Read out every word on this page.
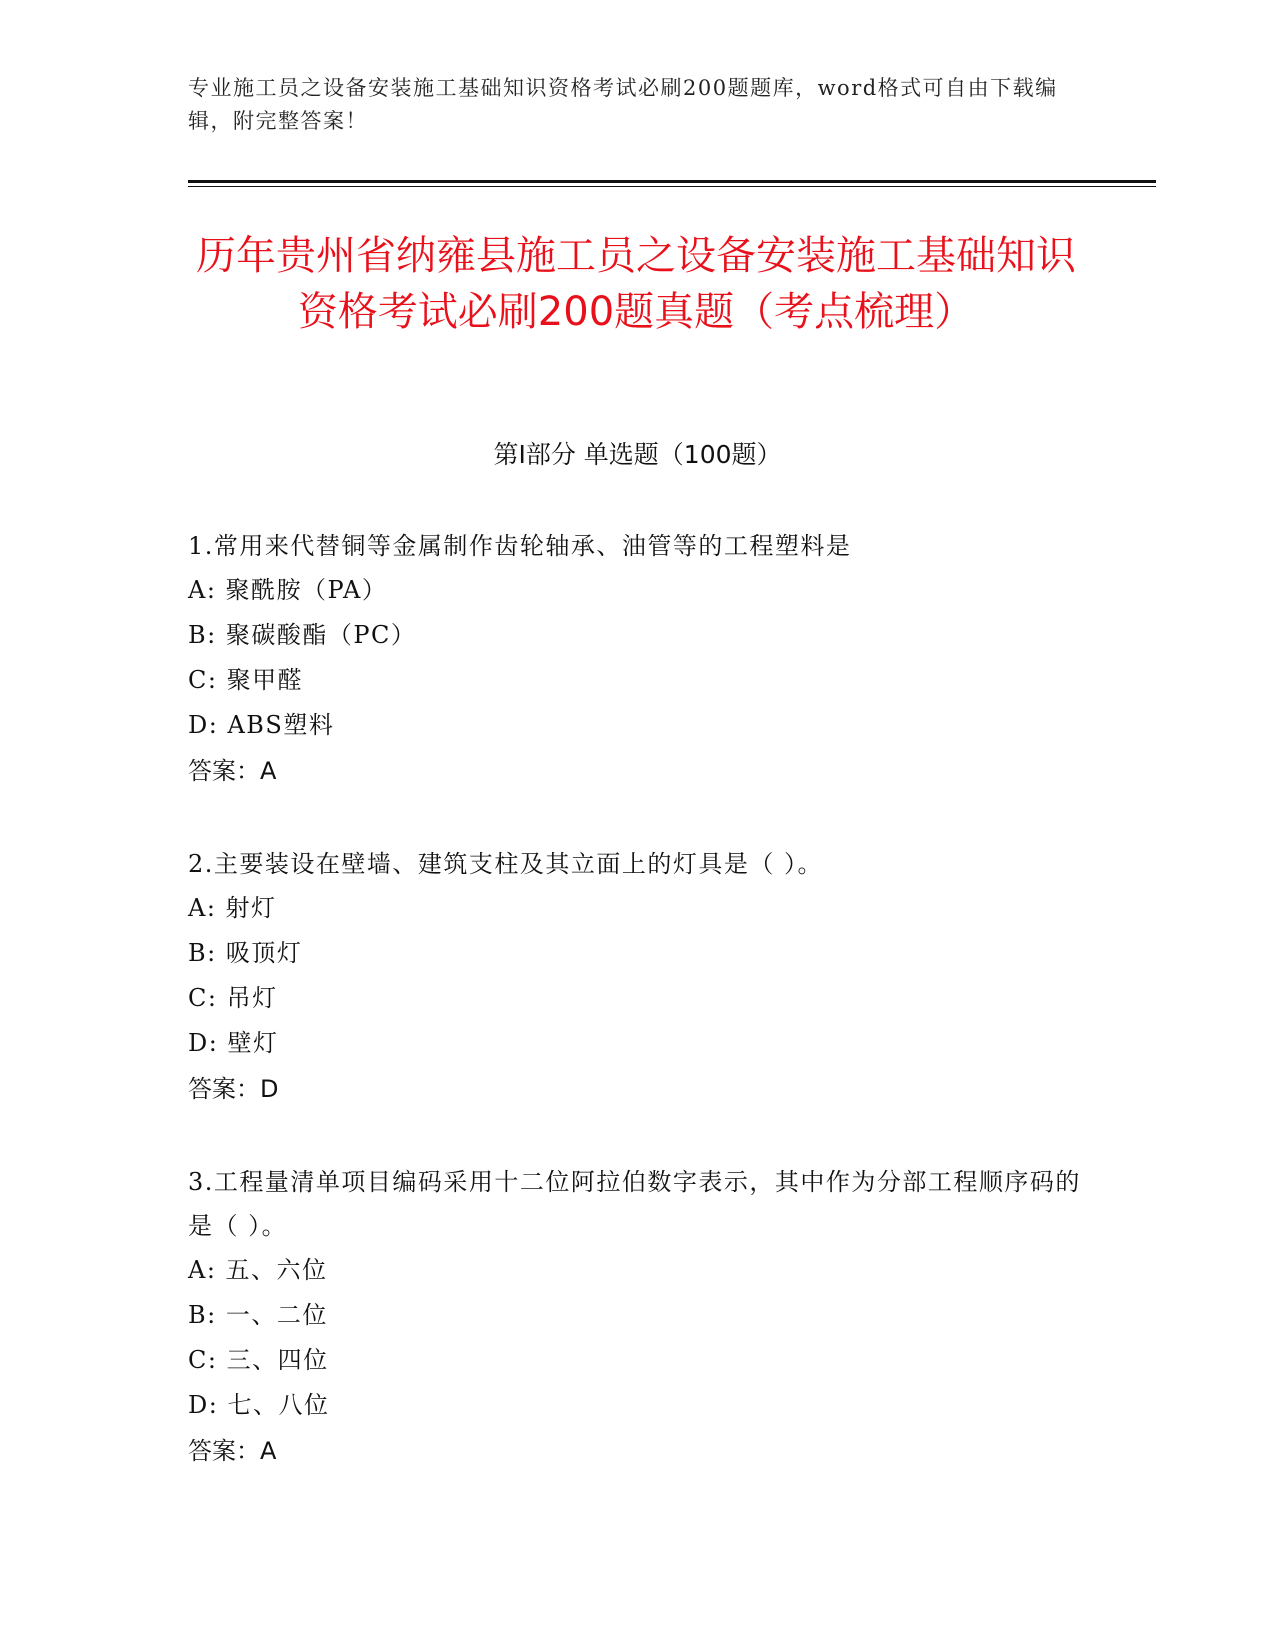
专业施工员之设备安装施工基础知识资格考试必刷200题题库，word格式可自由下载编辑，附完整答案！
历年贵州省纳雍县施工员之设备安装施工基础知识资格考试必刷200题真题（考点梳理）
第Ⅰ部分 单选题（100题）

1.常用来代替铜等金属制作齿轮轴承、油管等的工程塑料是

A: 聚酰胺（PA）

B: 聚碳酸酯（PC）

C: 聚甲醛

D: ABS塑料

答案：A

2.主要装设在壁墙、建筑支柱及其立面上的灯具是（ ）。

A: 射灯

B: 吸顶灯

C: 吊灯

D: 壁灯

答案：D

3.工程量清单项目编码采用十二位阿拉伯数字表示，其中作为分部工程顺序码的是（ ）。

A: 五、六位

B: 一、二位

C: 三、四位

D: 七、八位

答案：A
